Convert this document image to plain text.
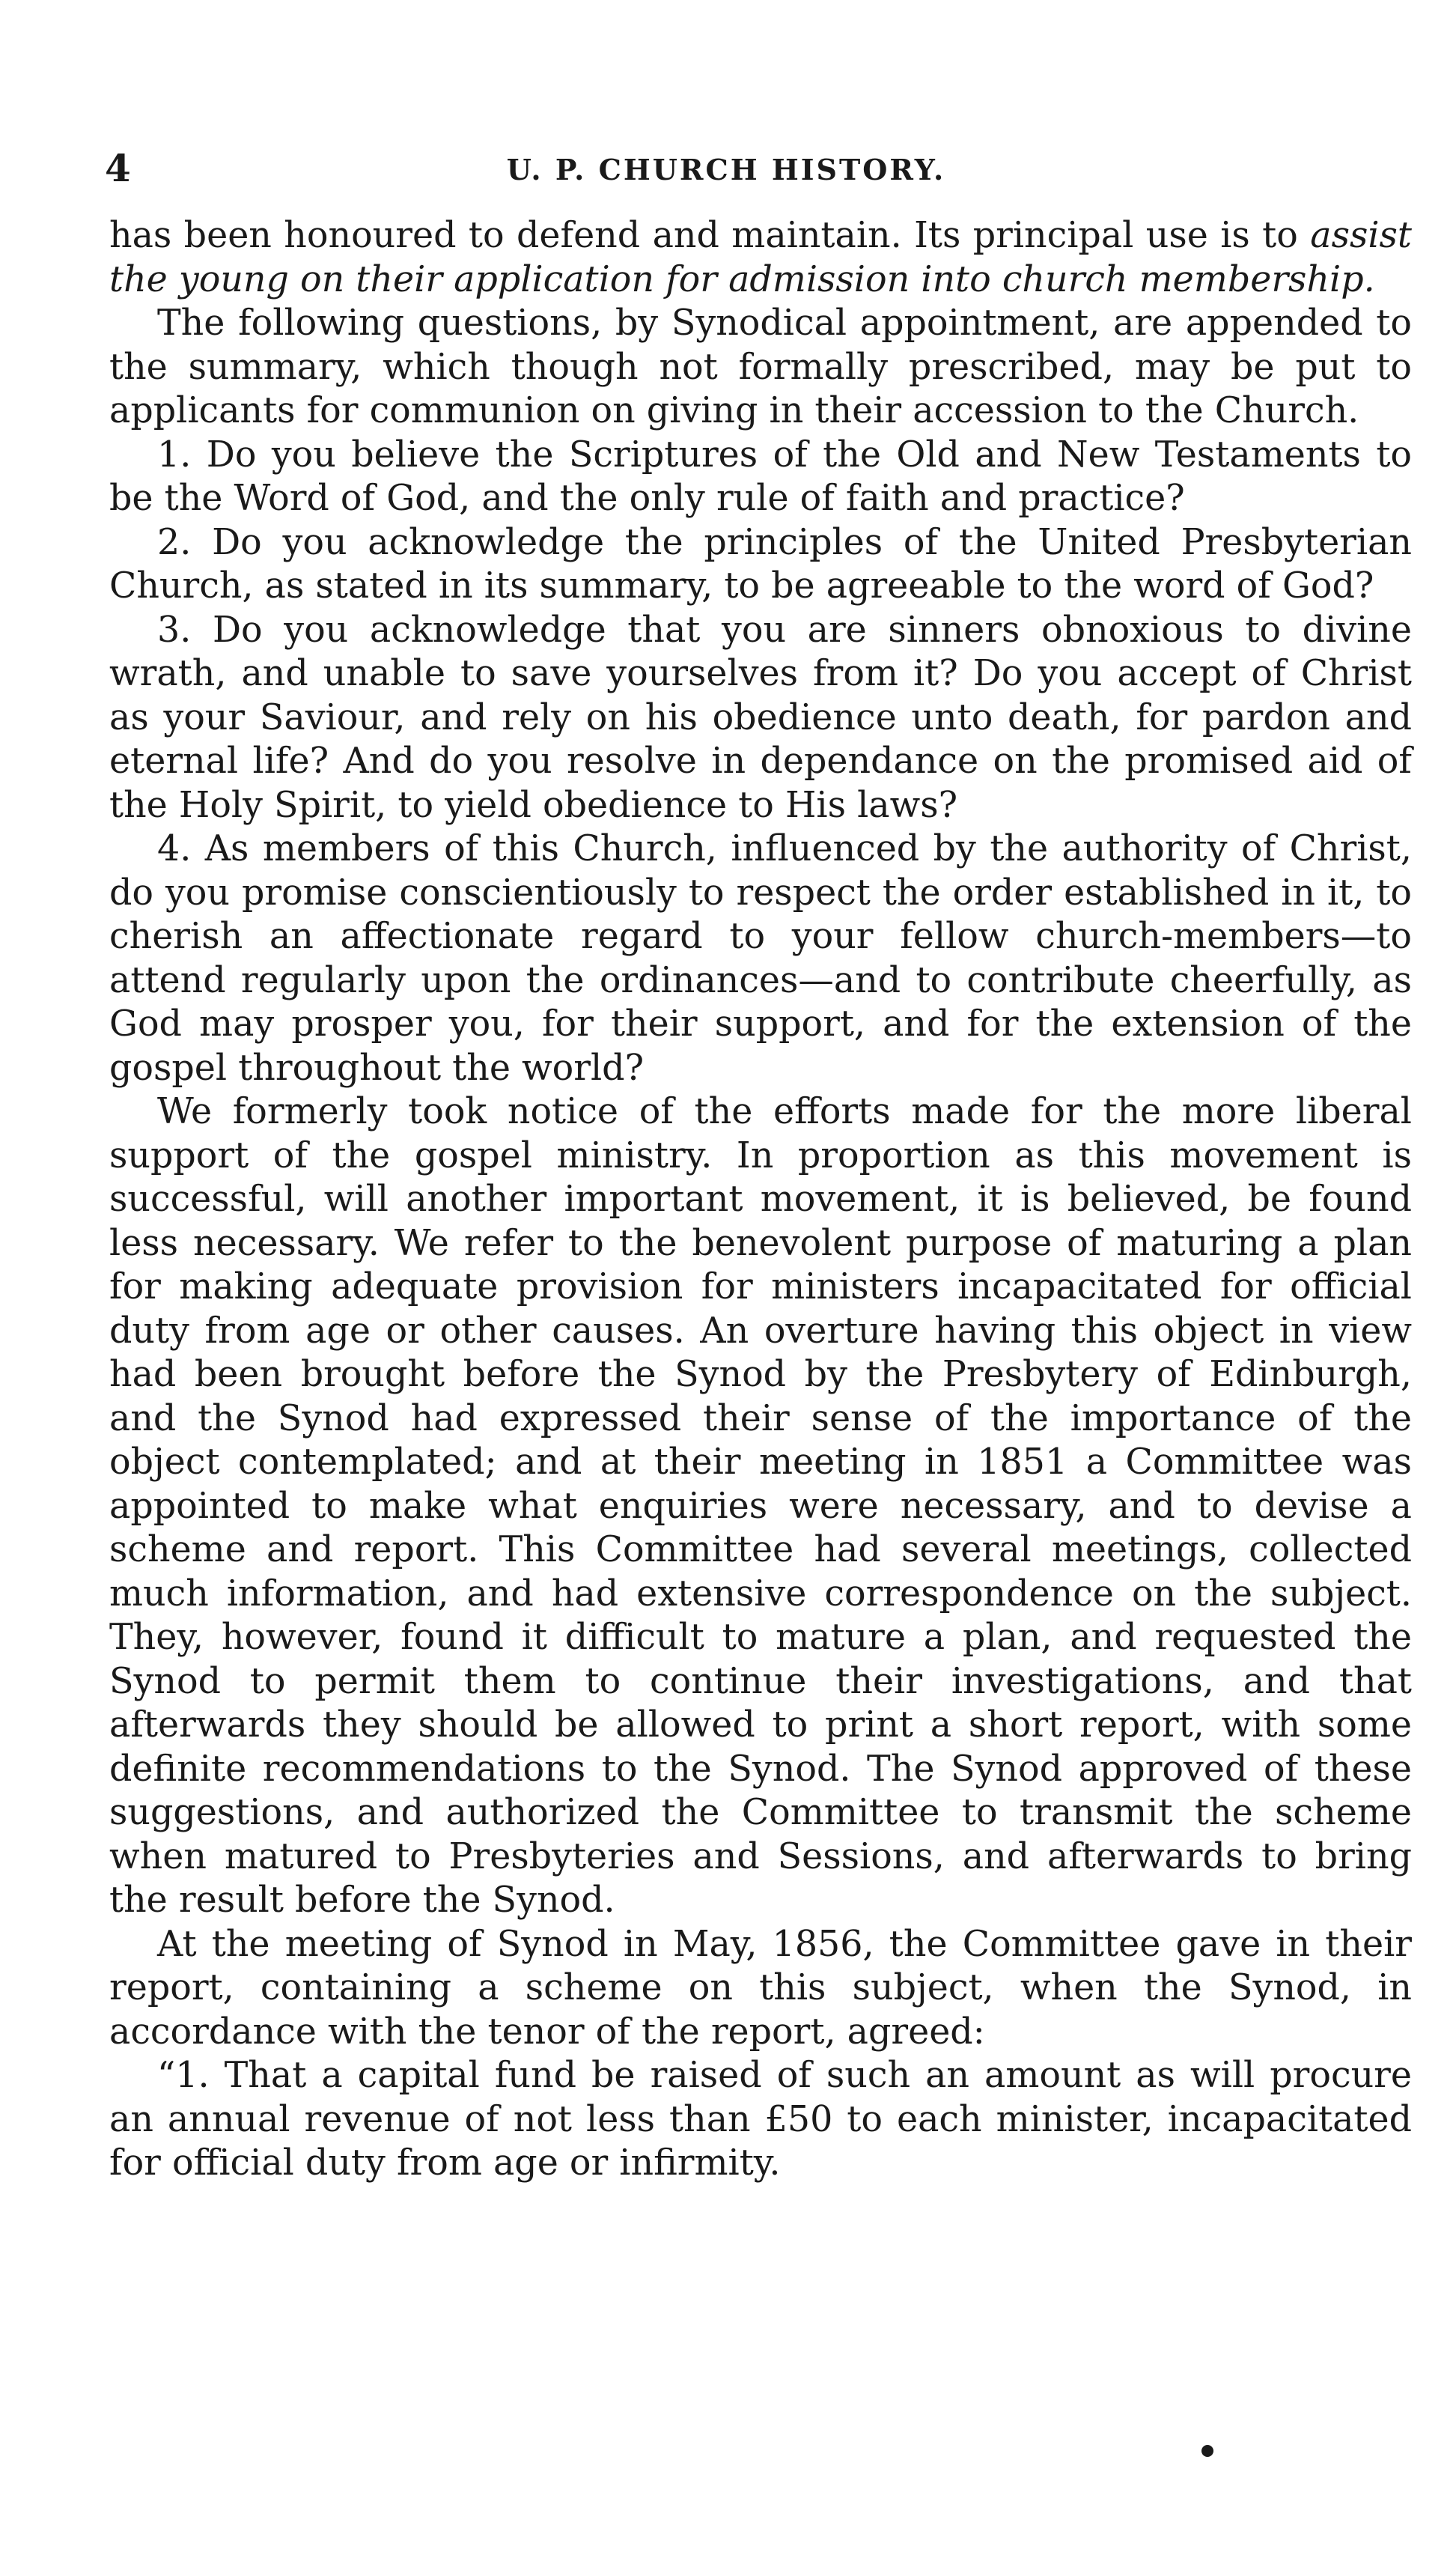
4	U. P. CHURCH HISTORY.

has been honoured to defend and maintain. Its principal use is to assist the young on their application for admission into church membership.

The following questions, by Synodical appointment, are appended to the summary, which though not formally prescribed, may be put to applicants for communion on giving in their accession to the Church.

1. Do you believe the Scriptures of the Old and New Testaments to be the Word of God, and the only rule of faith and practice?

2. Do you acknowledge the principles of the United Presbyterian Church, as stated in its summary, to be agreeable to the word of God?

3. Do you acknowledge that you are sinners obnoxious to divine wrath, and unable to save yourselves from it? Do you accept of Christ as your Saviour, and rely on his obedience unto death, for pardon and eternal life? And do you resolve in dependance on the promised aid of the Holy Spirit, to yield obedience to His laws?

4. As members of this Church, influenced by the authority of Christ, do you promise conscientiously to respect the order established in it, to cherish an affectionate regard to your fellow church-members—to attend regularly upon the ordinances—and to contribute cheerfully, as God may prosper you, for their support, and for the extension of the gospel throughout the world?

We formerly took notice of the efforts made for the more liberal support of the gospel ministry. In proportion as this movement is successful, will another important movement, it is believed, be found less necessary. We refer to the benevolent purpose of maturing a plan for making adequate provision for ministers incapacitated for official duty from age or other causes. An overture having this object in view had been brought before the Synod by the Presbytery of Edinburgh, and the Synod had expressed their sense of the importance of the object contemplated; and at their meeting in 1851 a Committee was appointed to make what enquiries were necessary, and to devise a scheme and report. This Committee had several meetings, collected much information, and had extensive correspondence on the subject. They, however, found it difficult to mature a plan, and requested the Synod to permit them to continue their investigations, and that afterwards they should be allowed to print a short report, with some definite recommendations to the Synod. The Synod approved of these suggestions, and authorized the Committee to transmit the scheme when matured to Presbyteries and Sessions, and afterwards to bring the result before the Synod.

At the meeting of Synod in May, 1856, the Committee gave in their report, containing a scheme on this subject, when the Synod, in accordance with the tenor of the report, agreed:

“1. That a capital fund be raised of such an amount as will procure an annual revenue of not less than £50 to each minister, incapacitated for official duty from age or infirmity.
